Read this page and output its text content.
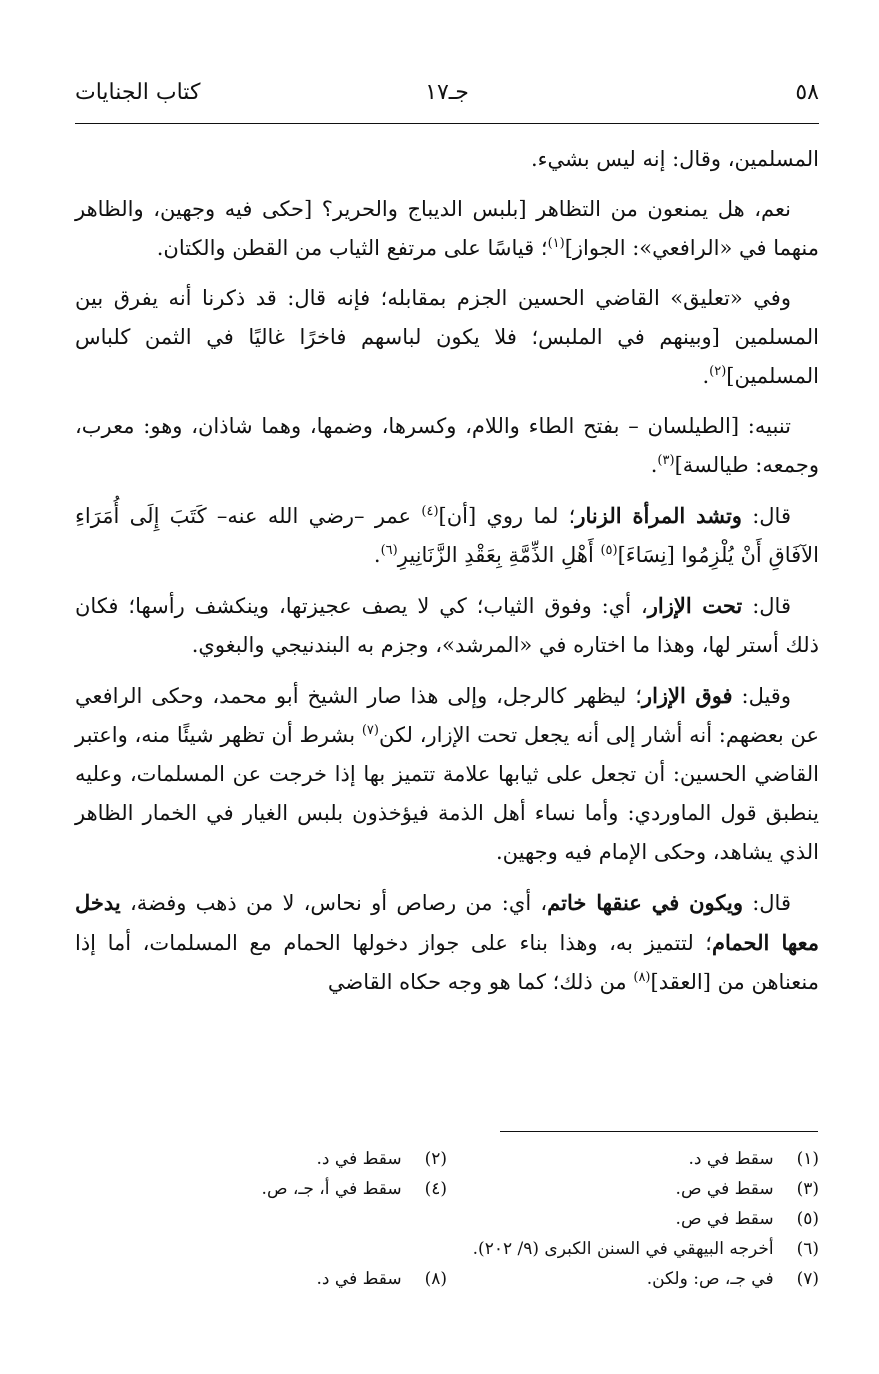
٥٨
جـ١٧
كتاب الجنايات

المسلمين، وقال: إنه ليس بشيء.

نعم، هل يمنعون من التظاهر [بلبس الديباج والحرير؟ [حكى فيه وجهين، والظاهر منهما في «الرافعي»: الجواز]$^{(١)}$؛ قياسًا على مرتفع الثياب من القطن والكتان.

وفي «تعليق» القاضي الحسين الجزم بمقابله؛ فإنه قال: قد ذكرنا أنه يفرق بين المسلمين [وبينهم في الملبس؛ فلا يكون لباسهم فاخرًا غاليًا في الثمن كلباس المسلمين]$^{(٢)}$.

تنبيه: [الطيلسان – بفتح الطاء واللام، وكسرها، وضمها، وهما شاذان، وهو: معرب، وجمعه: طيالسة]$^{(٣)}$.

قال: وتشد المرأة الزنار؛ لما روي [أن]$^{(٤)}$ عمر –رضي الله عنه– كَتَبَ إِلَى أُمَرَاءِ الآفَاقِ أَنْ يُلْزِمُوا [نِسَاءَ]$^{(٥)}$ أَهْلِ الذِّمَّةِ بِعَقْدِ الزَّنَانِيرِ$^{(٦)}$.

قال: تحت الإزار، أي: وفوق الثياب؛ كي لا يصف عجيزتها، وينكشف رأسها؛ فكان ذلك أستر لها، وهذا ما اختاره في «المرشد»، وجزم به البندنيجي والبغوي.

وقيل: فوق الإزار؛ ليظهر كالرجل، وإلى هذا صار الشيخ أبو محمد، وحكى الرافعي عن بعضهم: أنه أشار إلى أنه يجعل تحت الإزار، لكن$^{(٧)}$ بشرط أن تظهر شيئًا منه، واعتبر القاضي الحسين: أن تجعل على ثيابها علامة تتميز بها إذا خرجت عن المسلمات، وعليه ينطبق قول الماوردي: وأما نساء أهل الذمة فيؤخذون بلبس الغيار في الخمار الظاهر الذي يشاهد، وحكى الإمام فيه وجهين.

قال: ويكون في عنقها خاتم، أي: من رصاص أو نحاس، لا من ذهب وفضة، يدخل معها الحمام؛ لتتميز به، وهذا بناء على جواز دخولها الحمام مع المسلمات، أما إذا منعناهن من [العقد]$^{(٨)}$ من ذلك؛ كما هو وجه حكاه القاضي

(١) سقط في د.
(٢) سقط في د.
(٣) سقط في ص.
(٤) سقط في أ، جـ، ص.
(٥) سقط في ص.
(٦) أخرجه البيهقي في السنن الكبرى (٩/ ٢٠٢).
(٧) في جـ، ص: ولكن.
(٨) سقط في د.
